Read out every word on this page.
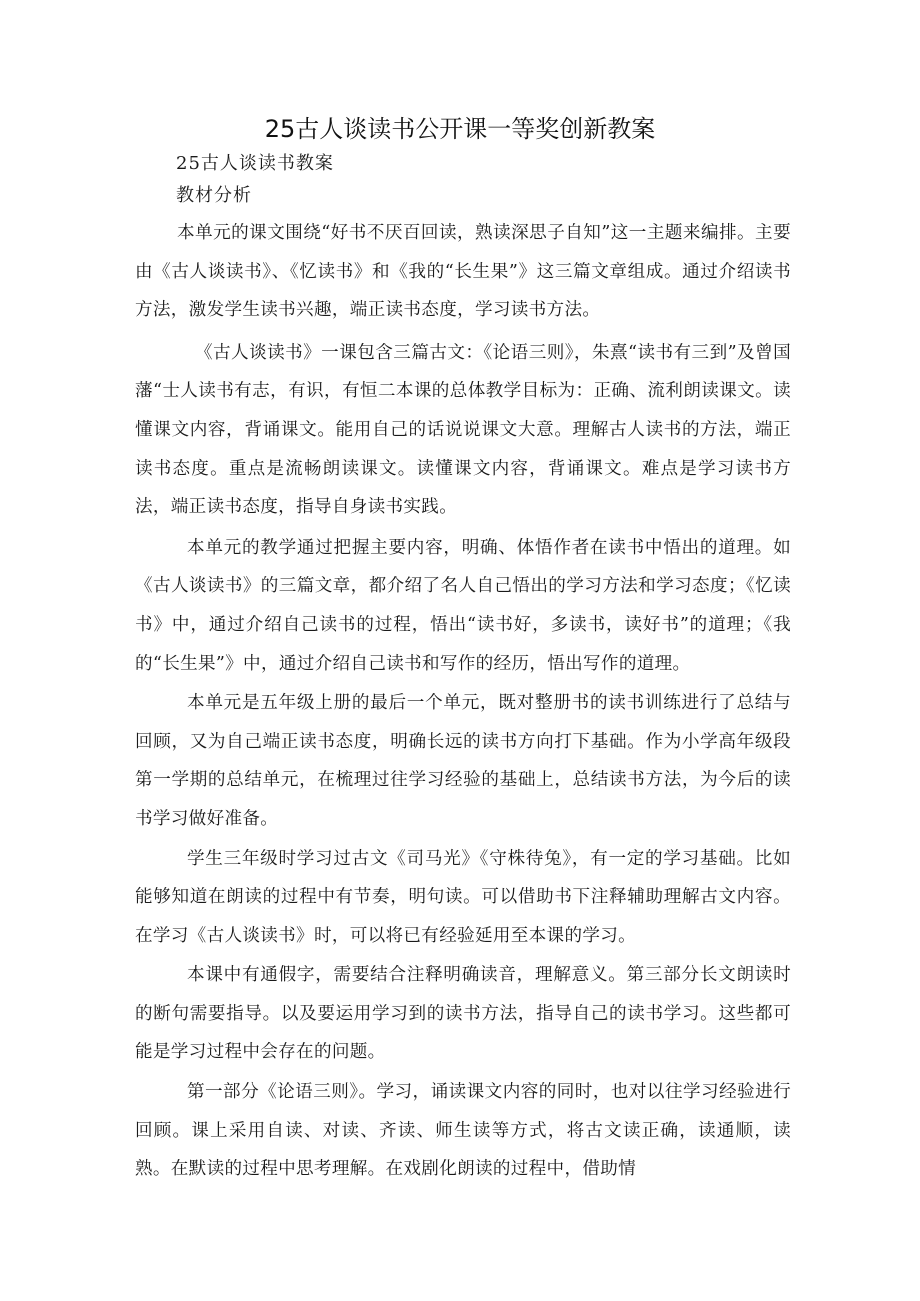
25古人谈读书公开课一等奖创新教案
25古人谈读书教案
教材分析

本单元的课文围绕“好书不厌百回读，熟读深思子自知”这一主题来编排。主要由《古人谈读书》、《忆读书》和《我的“长生果”》这三篇文章组成。通过介绍读书方法，激发学生读书兴趣，端正读书态度，学习读书方法。

《古人谈读书》一课包含三篇古文：《论语三则》，朱熹“读书有三到”及曾国藩“士人读书有志，有识，有恒二本课的总体教学目标为：正确、流利朗读课文。读懂课文内容，背诵课文。能用自己的话说说课文大意。理解古人读书的方法，端正读书态度。重点是流畅朗读课文。读懂课文内容，背诵课文。难点是学习读书方法，端正读书态度，指导自身读书实践。

本单元的教学通过把握主要内容，明确、体悟作者在读书中悟出的道理。如《古人谈读书》的三篇文章，都介绍了名人自己悟出的学习方法和学习态度；《忆读书》中，通过介绍自己读书的过程，悟出“读书好，多读书，读好书”的道理；《我的“长生果”》中，通过介绍自己读书和写作的经历，悟出写作的道理。

本单元是五年级上册的最后一个单元，既对整册书的读书训练进行了总结与回顾，又为自己端正读书态度，明确长远的读书方向打下基础。作为小学高年级段第一学期的总结单元，在梳理过往学习经验的基础上，总结读书方法，为今后的读书学习做好准备。

学生三年级时学习过古文《司马光》《守株待兔》，有一定的学习基础。比如能够知道在朗读的过程中有节奏，明句读。可以借助书下注释辅助理解古文内容。在学习《古人谈读书》时，可以将已有经验延用至本课的学习。

本课中有通假字，需要结合注释明确读音，理解意义。第三部分长文朗读时的断句需要指导。以及要运用学习到的读书方法，指导自己的读书学习。这些都可能是学习过程中会存在的问题。

第一部分《论语三则》。学习，诵读课文内容的同时，也对以往学习经验进行回顾。课上采用自读、对读、齐读、师生读等方式，将古文读正确，读通顺，读熟。在默读的过程中思考理解。在戏剧化朗读的过程中，借助情
